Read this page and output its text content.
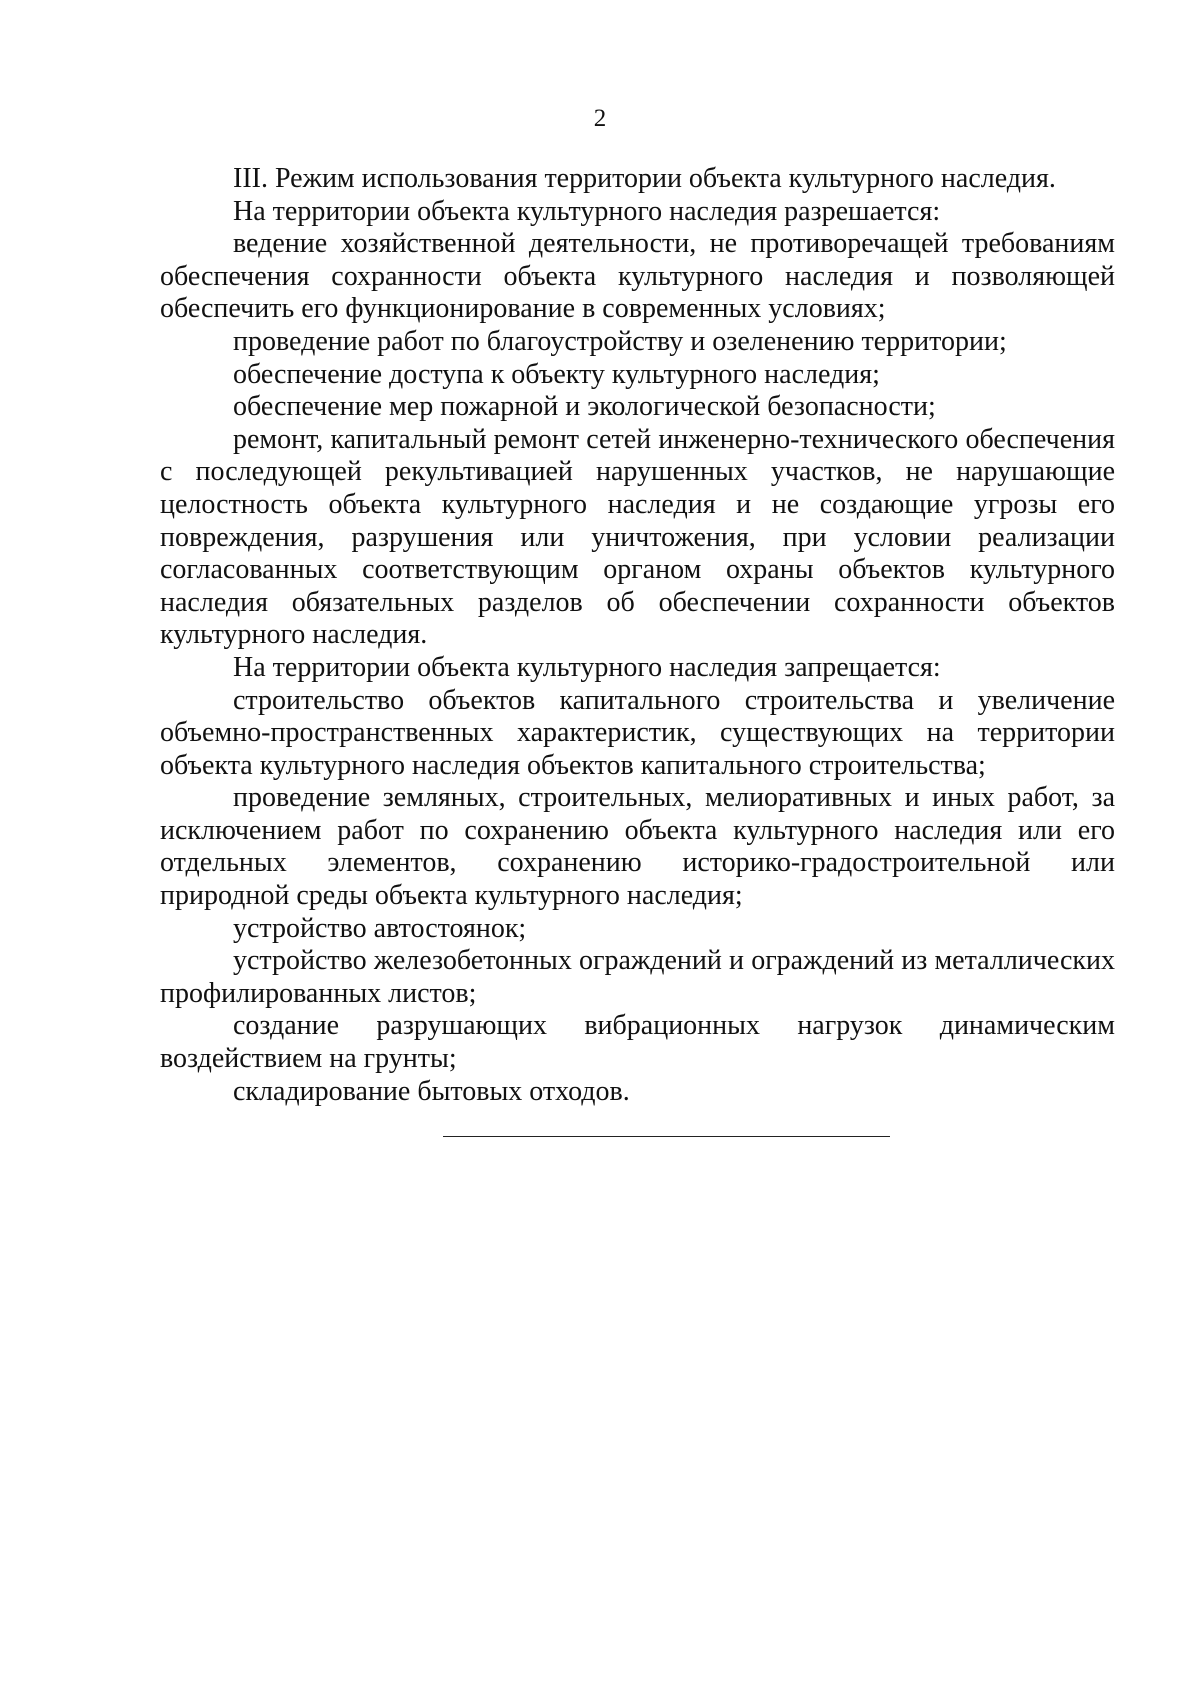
2

III. Режим использования территории объекта культурного наследия.

На территории объекта культурного наследия разрешается:

ведение хозяйственной деятельности, не противоречащей требованиям обеспечения сохранности объекта культурного наследия и позволяющей обеспечить его функционирование в современных условиях;

проведение работ по благоустройству и озеленению территории;

обеспечение доступа к объекту культурного наследия;

обеспечение мер пожарной и экологической безопасности;

ремонт, капитальный ремонт сетей инженерно-технического обеспечения с последующей рекультивацией нарушенных участков, не нарушающие целостность объекта культурного наследия и не создающие угрозы его повреждения, разрушения или уничтожения, при условии реализации согласованных соответствующим органом охраны объектов культурного наследия обязательных разделов об обеспечении сохранности объектов культурного наследия.

На территории объекта культурного наследия запрещается:

строительство объектов капитального строительства и увеличение объемно-пространственных характеристик, существующих на территории объекта культурного наследия объектов капитального строительства;

проведение земляных, строительных, мелиоративных и иных работ, за исключением работ по сохранению объекта культурного наследия или его отдельных элементов, сохранению историко-градостроительной или природной среды объекта культурного наследия;

устройство автостоянок;

устройство железобетонных ограждений и ограждений из металлических профилированных листов;

создание разрушающих вибрационных нагрузок динамическим воздействием на грунты;

складирование бытовых отходов.
